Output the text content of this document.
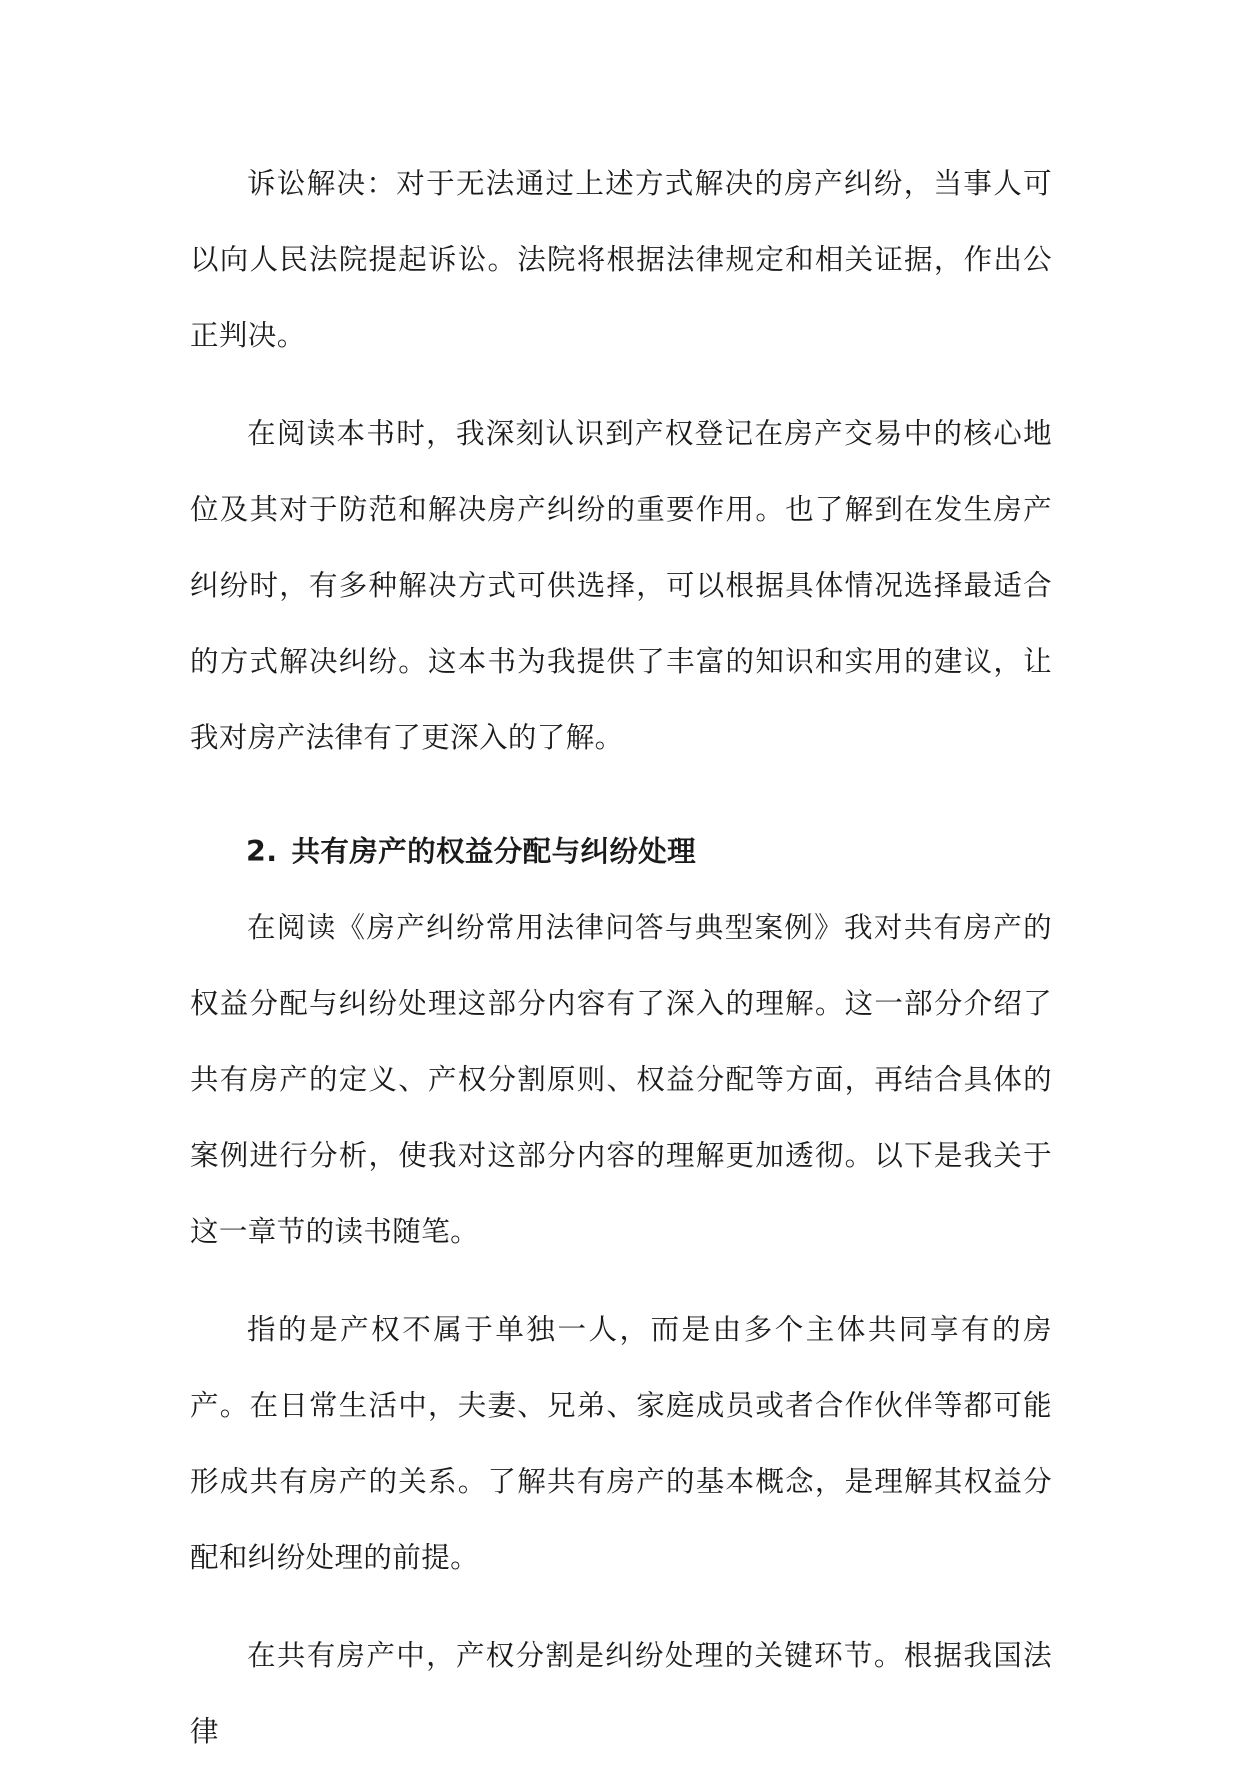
诉讼解决：对于无法通过上述方式解决的房产纠纷，当事人可以向人民法院提起诉讼。法院将根据法律规定和相关证据，作出公正判决。

在阅读本书时，我深刻认识到产权登记在房产交易中的核心地位及其对于防范和解决房产纠纷的重要作用。也了解到在发生房产纠纷时，有多种解决方式可供选择，可以根据具体情况选择最适合的方式解决纠纷。这本书为我提供了丰富的知识和实用的建议，让我对房产法律有了更深入的了解。

2. 共有房产的权益分配与纠纷处理

在阅读《房产纠纷常用法律问答与典型案例》我对共有房产的权益分配与纠纷处理这部分内容有了深入的理解。这一部分介绍了共有房产的定义、产权分割原则、权益分配等方面，再结合具体的案例进行分析，使我对这部分内容的理解更加透彻。以下是我关于这一章节的读书随笔。

指的是产权不属于单独一人，而是由多个主体共同享有的房产。在日常生活中，夫妻、兄弟、家庭成员或者合作伙伴等都可能形成共有房产的关系。了解共有房产的基本概念，是理解其权益分配和纠纷处理的前提。

在共有房产中，产权分割是纠纷处理的关键环节。根据我国法律
